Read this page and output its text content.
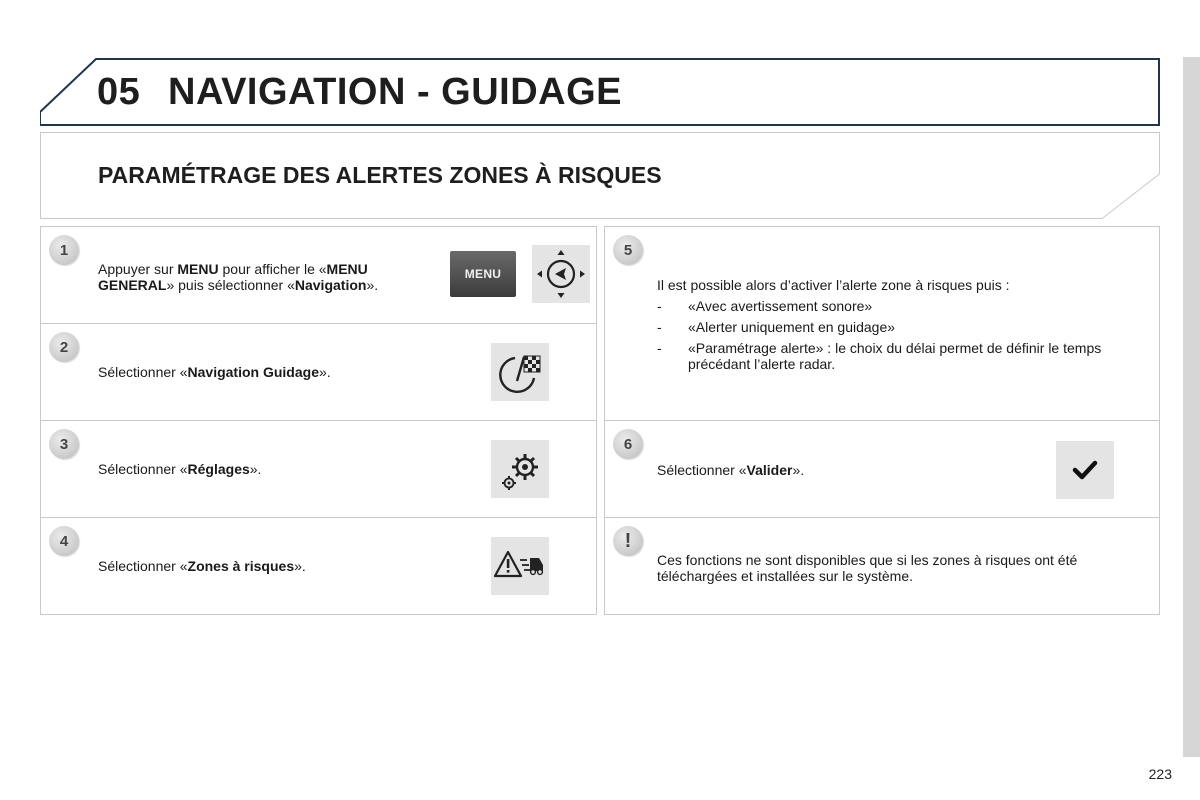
05 NAVIGATION - GUIDAGE
PARAMÉTRAGE DES ALERTES ZONES À RISQUES
1
Appuyer sur MENU pour afficher le «MENU GENERAL» puis sélectionner «Navigation».
MENU
2
Sélectionner «Navigation Guidage».
3
Sélectionner «Réglages».
4
Sélectionner «Zones à risques».
5
Il est possible alors d’activer l’alerte zone à risques puis :
- «Avec avertissement sonore»
- «Alerter uniquement en guidage»
- «Paramétrage alerte» : le choix du délai permet de définir le temps précédant l’alerte radar.
6
Sélectionner «Valider».
!
Ces fonctions ne sont disponibles que si les zones à risques ont été téléchargées et installées sur le système.
223
